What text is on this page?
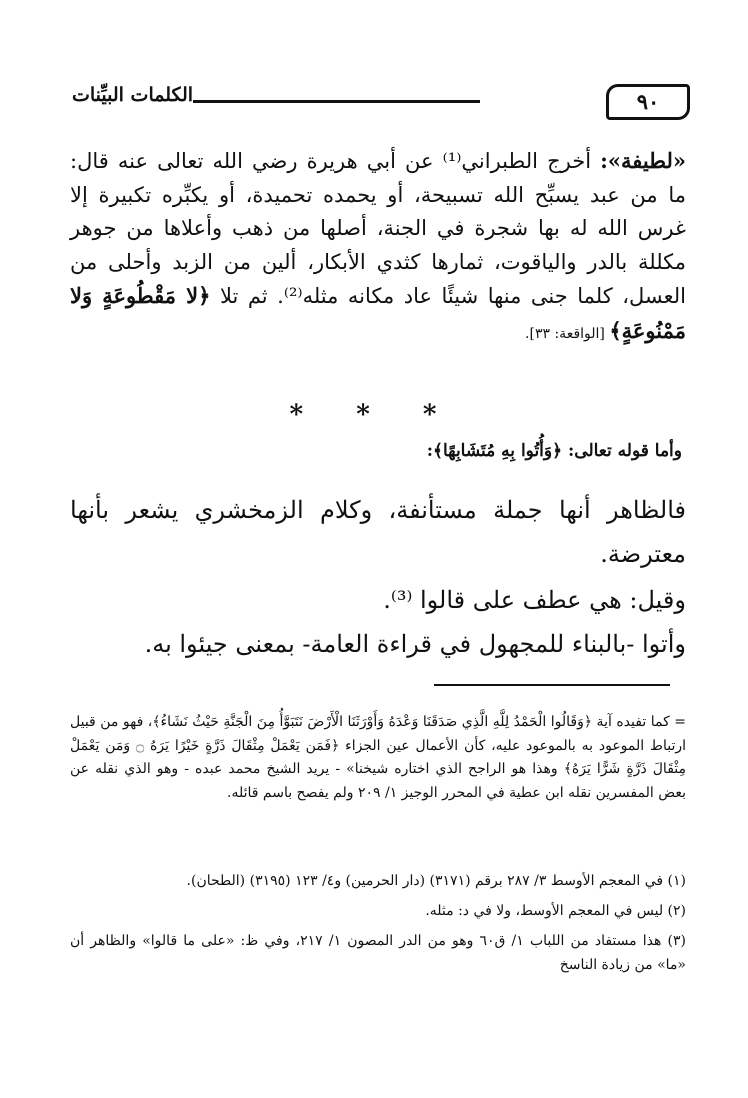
الكلمات البيِّنات	٩٠
«لطيفة»: أخرج الطبراني⁽¹⁾ عن أبي هريرة رضي الله تعالى عنه قال: ما من عبد يسبِّح الله تسبيحة، أو يحمده تحميدة، أو يكبِّره تكبيرة إلا غرس الله له بها شجرة في الجنة، أصلها من ذهب وأعلاها من جوهر مكللة بالدر والياقوت، ثمارها كثدي الأبكار، ألين من الزبد وأحلى من العسل، كلما جنى منها شيئًا عاد مكانه مثله⁽²⁾. ثم تلا ﴿لا مَقْطُوعَةٍ وَلا مَمْنُوعَةٍ﴾ [الواقعة: ٣٣].
* * *
وأما قوله تعالى: ﴿وَأُتُوا بِهِ مُتَشَابِهًا﴾:
فالظاهر أنها جملة مستأنفة، وكلام الزمخشري يشعر بأنها معترضة.
وقيل: هي عطف على قالوا ⁽³⁾.
وأتوا -بالبناء للمجهول في قراءة العامة- بمعنى جيئوا به.
= كما تفيده آية ﴿وَقَالُوا الْحَمْدُ لِلَّهِ الَّذِي صَدَقَنَا وَعْدَهُ وَأَوْرَثَنَا الْأَرْضَ نَتَبَوَّأُ مِنَ الْجَنَّةِ حَيْثُ نَشَاءُ﴾، فهو من قبيل ارتباط الموعود به بالموعود عليه، كأن الأعمال عين الجزاء ﴿فَمَن يَعْمَلْ مِثْقَالَ ذَرَّةٍ خَيْرًا يَرَهُ ۝ وَمَن يَعْمَلْ مِثْقَالَ ذَرَّةٍ شَرًّا يَرَهُ﴾ وهذا هو الراجح الذي اختاره شيخنا» - يريد الشيخ محمد عبده - وهو الذي نقله عن بعض المفسرين نقله ابن عطية في المحرر الوجيز ١/ ٢٠٩ ولم يفصح باسم قائله.
(١) في المعجم الأوسط ٣/ ٢٨٧ برقم (٣١٧١) (دار الحرمين) و٤/ ١٢٣ (٣١٩٥) (الطحان).
(٢) ليس في المعجم الأوسط، ولا في د: مثله.
(٣) هذا مستفاد من اللباب ١/ ق٦٠ وهو من الدر المصون ١/ ٢١٧، وفي ظ: «على ما قالوا» والظاهر أن «ما» من زيادة الناسخ
